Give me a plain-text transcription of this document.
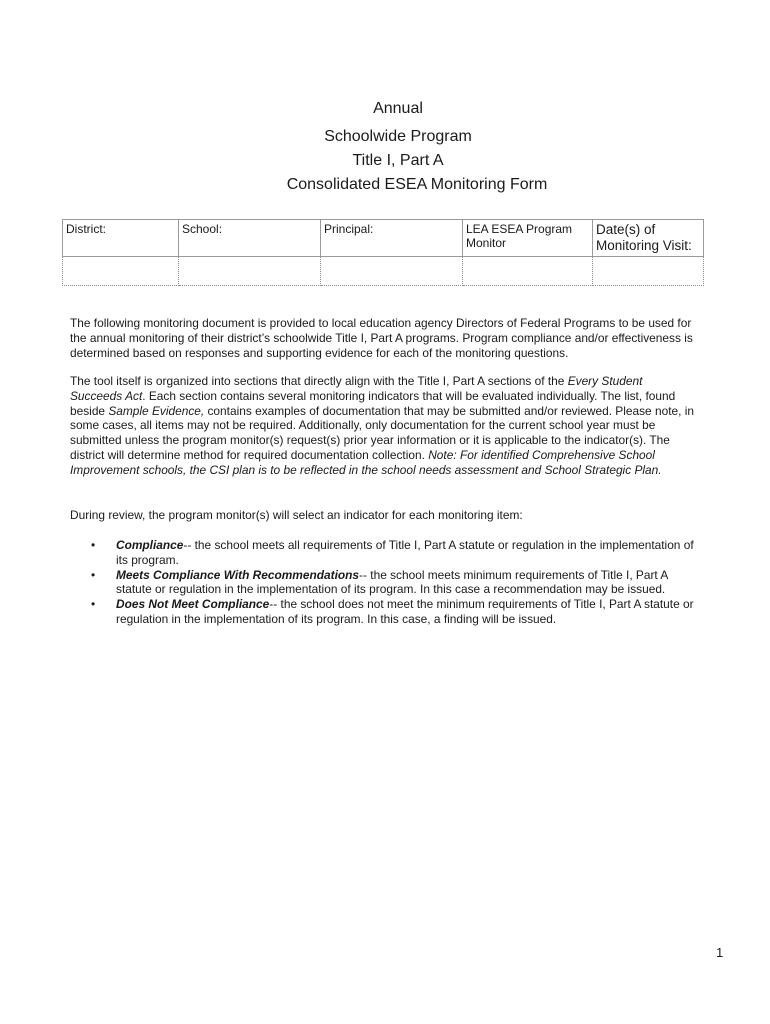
Annual
Schoolwide Program
Title I, Part A
Consolidated ESEA Monitoring Form
District:	School:	Principal:	LEA ESEA Program Monitor	Date(s) of Monitoring Visit:

The following monitoring document is provided to local education agency Directors of Federal Programs to be used for the annual monitoring of their district’s schoolwide Title I, Part A programs. Program compliance and/or effectiveness is determined based on responses and supporting evidence for each of the monitoring questions.
The tool itself is organized into sections that directly align with the Title I, Part A sections of the Every Student Succeeds Act. Each section contains several monitoring indicators that will be evaluated individually. The list, found beside Sample Evidence, contains examples of documentation that may be submitted and/or reviewed. Please note, in some cases, all items may not be required. Additionally, only documentation for the current school year must be submitted unless the program monitor(s) request(s) prior year information or it is applicable to the indicator(s). The district will determine method for required documentation collection. Note: For identified Comprehensive School Improvement schools, the CSI plan is to be reflected in the school needs assessment and School Strategic Plan.
During review, the program monitor(s) will select an indicator for each monitoring item:
• Compliance-- the school meets all requirements of Title I, Part A statute or regulation in the implementation of its program.
• Meets Compliance With Recommendations-- the school meets minimum requirements of Title I, Part A statute or regulation in the implementation of its program. In this case a recommendation may be issued.
• Does Not Meet Compliance-- the school does not meet the minimum requirements of Title I, Part A statute or regulation in the implementation of its program. In this case, a finding will be issued.
1
